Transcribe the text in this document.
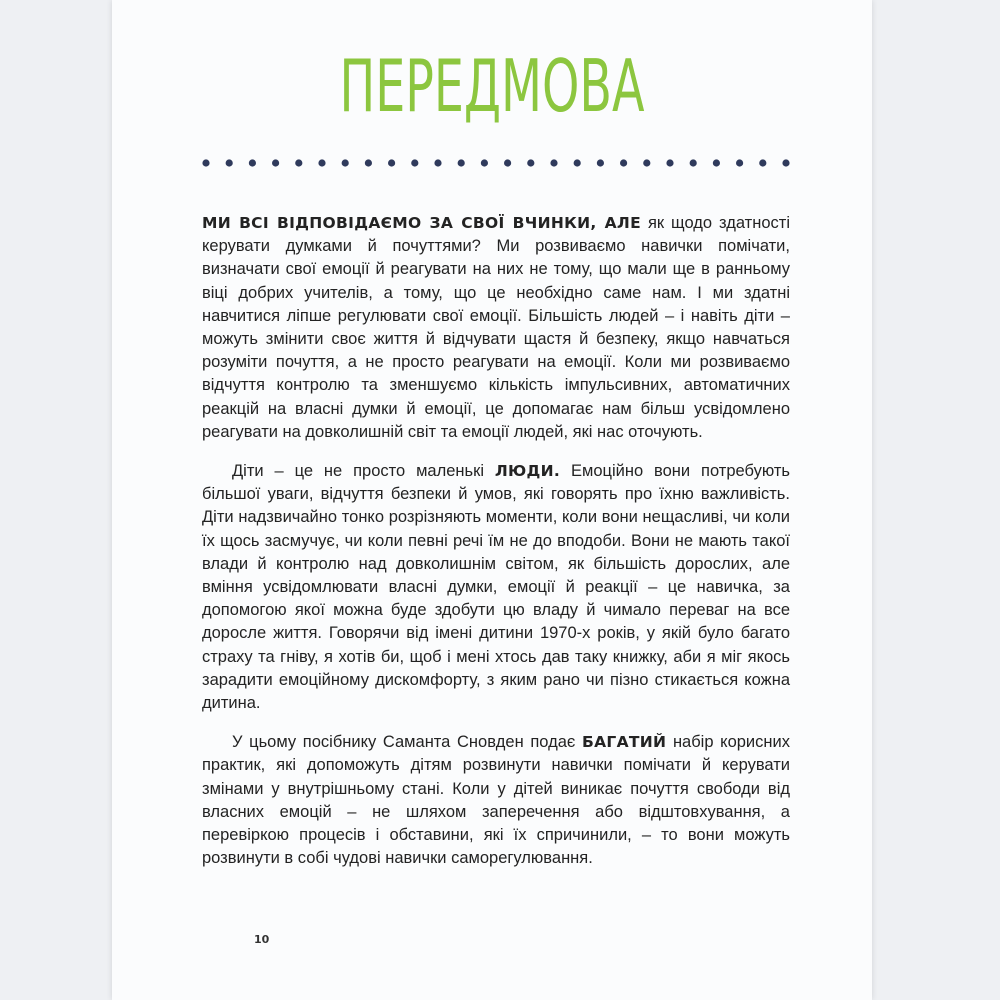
ПЕРЕДМОВА

МИ ВСІ ВІДПОВІДАЄМО ЗА СВОЇ ВЧИНКИ, АЛЕ як щодо здатності керувати думками й почуттями? Ми розвиваємо навички помічати, визначати свої емоції й реагувати на них не тому, що мали ще в ранньому віці добрих учителів, а тому, що це необхідно саме нам. І ми здатні навчитися ліпше регулювати свої емоції. Більшість людей – і навіть діти – можуть змінити своє життя й відчувати щастя й безпеку, якщо навчаться розуміти почуття, а не просто реагувати на емоції. Коли ми розвиваємо відчуття контролю та зменшуємо кількість імпульсивних, автоматичних реакцій на власні думки й емоції, це допомагає нам більш усвідомлено реагувати на довколишній світ та емоції людей, які нас оточують.

Діти – це не просто маленькі ЛЮДИ. Емоційно вони потребують більшої уваги, відчуття безпеки й умов, які говорять про їхню важливість. Діти надзвичайно тонко розрізняють моменти, коли вони нещасливі, чи коли їх щось засмучує, чи коли певні речі їм не до вподоби. Вони не мають такої влади й контролю над довколишнім світом, як більшість дорослих, але вміння усвідомлювати власні думки, емоції й реакції – це навичка, за допомогою якої можна буде здобути цю владу й чимало переваг на все доросле життя. Говорячи від імені дитини 1970-х років, у якій було багато страху та гніву, я хотів би, щоб і мені хтось дав таку книжку, аби я міг якось зарадити емоційному дискомфорту, з яким рано чи пізно стикається кожна дитина.

У цьому посібнику Саманта Сновден подає БАГАТИЙ набір корисних практик, які допоможуть дітям розвинути навички помічати й керувати змінами у внутрішньому стані. Коли у дітей виникає почуття свободи від власних емоцій – не шляхом заперечення або відштовхування, а перевіркою процесів і обставини, які їх спричинили, – то вони можуть розвинути в собі чудові навички саморегулювання.

10
